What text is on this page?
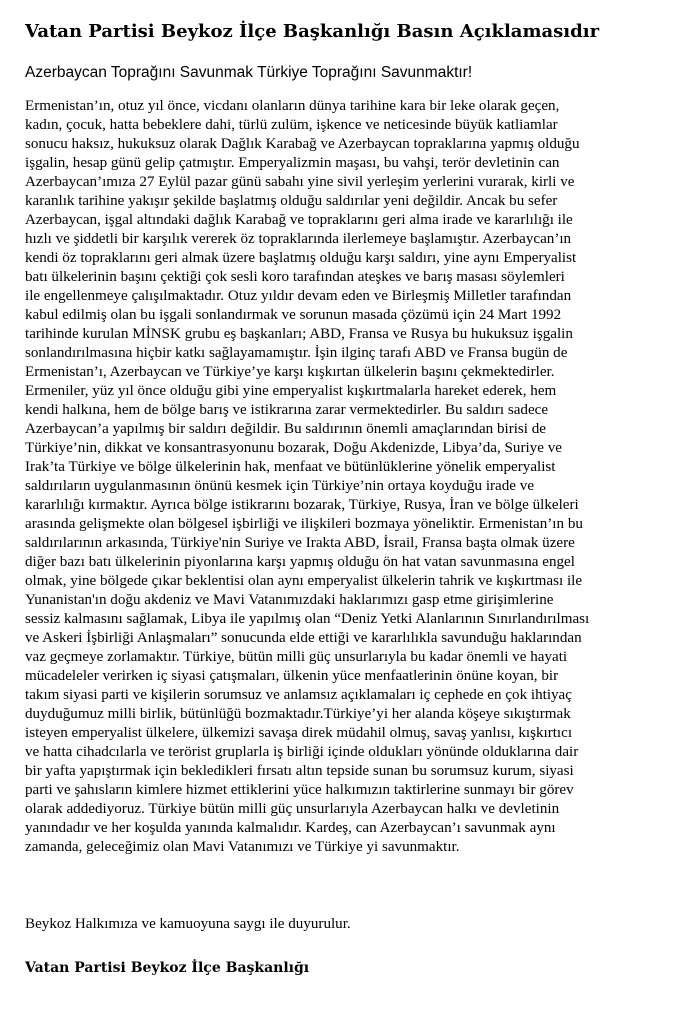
Vatan Partisi Beykoz İlçe Başkanlığı Basın Açıklamasıdır
Azerbaycan Toprağını Savunmak Türkiye Toprağını Savunmaktır!
Ermenistan’ın, otuz yıl önce, vicdanı olanların dünya tarihine kara bir leke olarak geçen,
kadın, çocuk, hatta bebeklere dahi, türlü zulüm, işkence ve neticesinde büyük katliamlar
sonucu haksız, hukuksuz olarak Dağlık Karabağ ve Azerbaycan topraklarına yapmış olduğu
işgalin, hesap günü gelip çatmıştır. Emperyalizmin maşası, bu vahşi, terör devletinin can
Azerbaycan’ımıza 27 Eylül pazar günü sabahı yine sivil yerleşim yerlerini vurarak, kirli ve
karanlık tarihine yakışır şekilde başlatmış olduğu saldırılar yeni değildir. Ancak bu sefer
Azerbaycan, işgal altındaki dağlık Karabağ ve topraklarını geri alma irade ve kararlılığı ile
hızlı ve şiddetli bir karşılık vererek öz topraklarında ilerlemeye başlamıştır. Azerbaycan’ın
kendi öz topraklarını geri almak üzere başlatmış olduğu karşı saldırı, yine aynı Emperyalist
batı ülkelerinin başını çektiği çok sesli koro tarafından ateşkes ve barış masası söylemleri
ile engellenmeye çalışılmaktadır. Otuz yıldır devam eden ve Birleşmiş Milletler tarafından
kabul edilmiş olan bu işgali sonlandırmak ve sorunun masada çözümü için 24 Mart 1992
tarihinde kurulan MİNSK grubu eş başkanları; ABD, Fransa ve Rusya bu hukuksuz işgalin
sonlandırılmasına hiçbir katkı sağlayamamıştır. İşin ilginç tarafı ABD ve Fransa bugün de
Ermenistan’ı, Azerbaycan ve Türkiye’ye karşı kışkırtan ülkelerin başını çekmektedirler.
Ermeniler, yüz yıl önce olduğu gibi yine emperyalist kışkırtmalarla hareket ederek, hem
kendi halkına, hem de bölge barış ve istikrarına zarar vermektedirler. Bu saldırı sadece
Azerbaycan’a yapılmış bir saldırı değildir. Bu saldırının önemli amaçlarından birisi de
Türkiye’nin, dikkat ve konsantrasyonunu bozarak, Doğu Akdenizde, Libya’da, Suriye ve
Irak’ta Türkiye ve bölge ülkelerinin hak, menfaat ve bütünlüklerine yönelik emperyalist
saldırıların uygulanmasının önünü kesmek için Türkiye’nin ortaya koyduğu irade ve
kararlılığı kırmaktır. Ayrıca bölge istikrarını bozarak, Türkiye, Rusya, İran ve bölge ülkeleri
arasında gelişmekte olan bölgesel işbirliği ve ilişkileri bozmaya yöneliktir. Ermenistan’ın bu
saldırılarının arkasında, Türkiye'nin Suriye ve Irakta ABD, İsrail, Fransa başta olmak üzere
diğer bazı batı ülkelerinin piyonlarına karşı yapmış olduğu ön hat vatan savunmasına engel
olmak, yine bölgede çıkar beklentisi olan aynı emperyalist ülkelerin tahrik ve kışkırtması ile
Yunanistan'ın doğu akdeniz ve Mavi Vatanımızdaki haklarımızı gasp etme girişimlerine
sessiz kalmasını sağlamak, Libya ile yapılmış olan “Deniz Yetki Alanlarının Sınırlandırılması
ve Askeri İşbirliği Anlaşmaları” sonucunda elde ettiği ve kararlılıkla savunduğu haklarından
vaz geçmeye zorlamaktır. Türkiye, bütün milli güç unsurlarıyla bu kadar önemli ve hayati
mücadeleler verirken iç siyasi çatışmaları, ülkenin yüce menfaatlerinin önüne koyan, bir
takım siyasi parti ve kişilerin sorumsuz ve anlamsız açıklamaları iç cephede en çok ihtiyaç
duyduğumuz milli birlik, bütünlüğü bozmaktadır.Türkiye’yi her alanda köşeye sıkıştırmak
isteyen emperyalist ülkelere, ülkemizi savaşa direk müdahil olmuş, savaş yanlısı, kışkırtıcı
ve hatta cihadcılarla ve terörist gruplarla iş birliği içinde oldukları yönünde olduklarına dair
bir yafta yapıştırmak için bekledikleri fırsatı altın tepside sunan bu sorumsuz kurum, siyasi
parti ve şahısların kimlere hizmet ettiklerini yüce halkımızın taktirlerine sunmayı bir görev
olarak addediyoruz. Türkiye bütün milli güç unsurlarıyla Azerbaycan halkı ve devletinin
yanındadır ve her koşulda yanında kalmalıdır. Kardeş, can Azerbaycan’ı savunmak aynı
zamanda, geleceğimiz olan Mavi Vatanımızı ve Türkiye yi savunmaktır.

Beykoz Halkımıza ve kamuoyuna saygı ile duyurulur.

Vatan Partisi Beykoz İlçe Başkanlığı
